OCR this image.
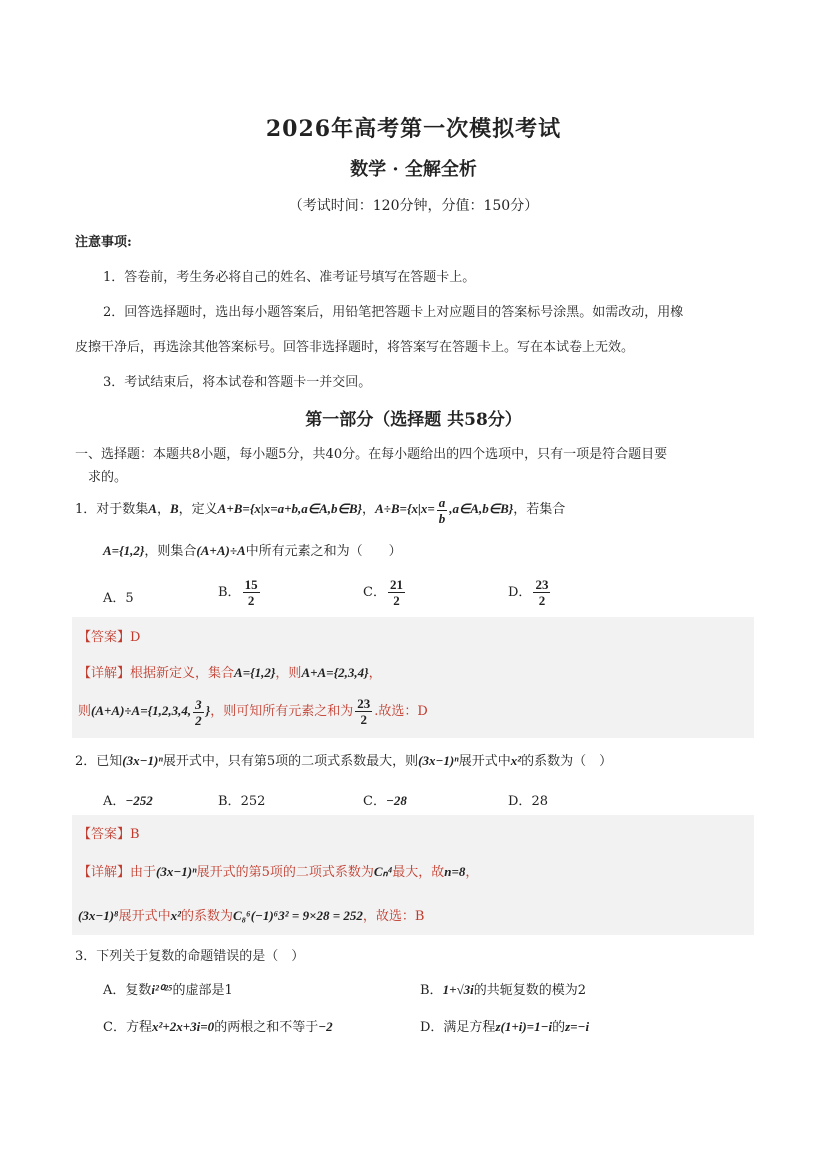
2026年高考第一次模拟考试
数学 · 全解全析
（考试时间：120分钟，分值：150分）
注意事项:
1．答卷前，考生务必将自己的姓名、准考证号填写在答题卡上。
2．回答选择题时，选出每小题答案后，用铅笔把答题卡上对应题目的答案标号涂黑。如需改动，用橡
皮擦干净后，再选涂其他答案标号。回答非选择题时，将答案写在答题卡上。写在本试卷上无效。
3．考试结束后，将本试卷和答题卡一并交回。
第一部分（选择题 共58分）
一、选择题：本题共8小题，每小题5分，共40分。在每小题给出的四个选项中，只有一项是符合题目要
求的。
1．对于数集A，B，定义A+B={x|x=a+b,a∈A,b∈B}，$A\div B=\{x|x= \frac{a}{b}$ ,a∈A,b∈B}，若集合
A={1,2}，则集合(A+A)÷A中所有元素之和为（　　）
A．5	B． $\frac{15}{2}$	C． $\frac{21}{2}$	D． $\frac{23}{2}$
【答案】D
【详解】根据新定义，集合A={1,2}，则A+A={2,3,4}，
则(A+A)÷A={1,2,3,4, $\frac{3}{2}$ }，则可知所有元素之和为 $\frac{23}{2}$ .故选：D
2．已知(3x−1)ⁿ展开式中，只有第5项的二项式系数最大，则(3x−1)ⁿ展开式中x²的系数为（　）
A．−252	B．252	C．−28	D．28
【答案】B
【详解】由于(3x−1)ⁿ展开式的第5项的二项式系数为Cₙ⁴最大，故n=8，
(3x−1)⁸展开式中x²的系数为C₈⁶(−1)⁶3² = 9×28 = 252，故选：B
3．下列关于复数的命题错误的是（　）
A．复数i²⁰²⁵的虚部是1	B．1+√3i的共轭复数的模为2
C．方程x²+2x+3i=0的两根之和不等于−2	D．满足方程z(1+i)=1−i的z=−i
